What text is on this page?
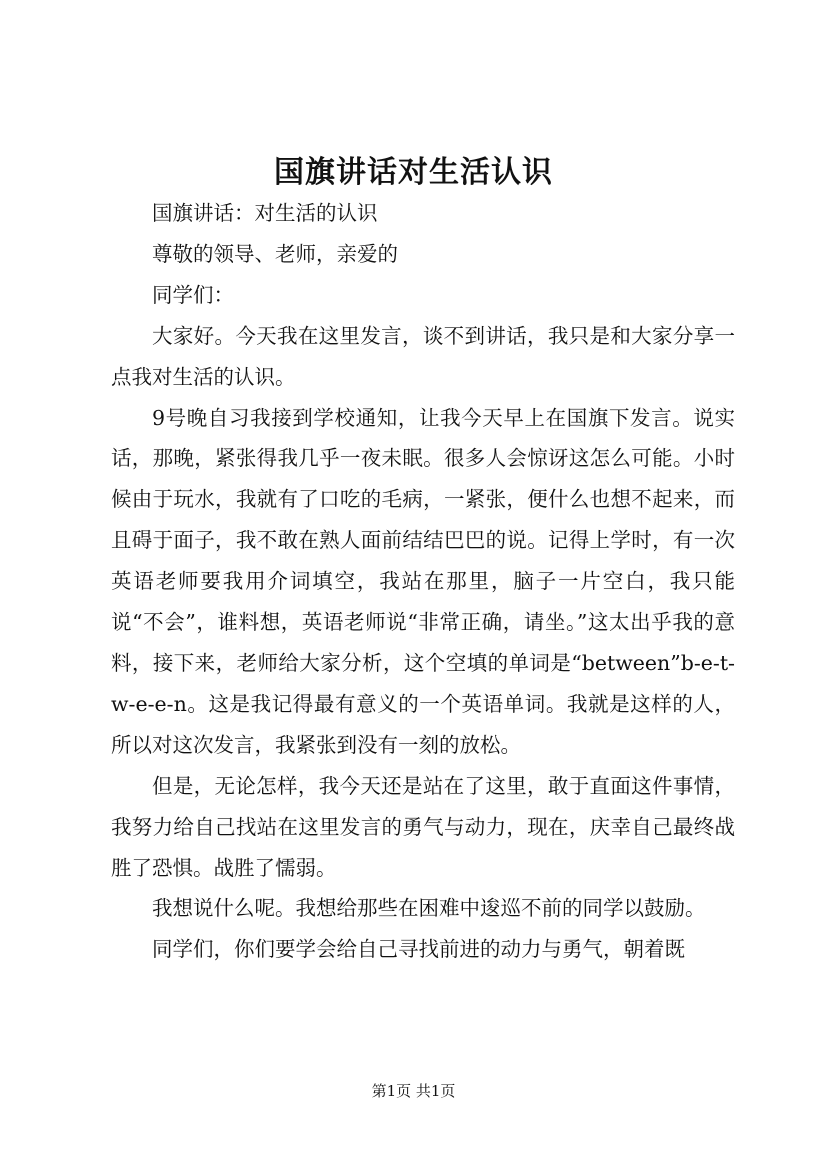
国旗讲话对生活认识

国旗讲话：对生活的认识

尊敬的领导、老师，亲爱的

同学们：

大家好。今天我在这里发言，谈不到讲话，我只是和大家分享一点我对生活的认识。

9号晚自习我接到学校通知，让我今天早上在国旗下发言。说实话，那晚，紧张得我几乎一夜未眠。很多人会惊讶这怎么可能。小时候由于玩水，我就有了口吃的毛病，一紧张，便什么也想不起来，而且碍于面子，我不敢在熟人面前结结巴巴的说。记得上学时，有一次英语老师要我用介词填空，我站在那里，脑子一片空白，我只能说“不会”，谁料想，英语老师说“非常正确，请坐。”这太出乎我的意料，接下来，老师给大家分析，这个空填的单词是“between”b-e-t-w-e-e-n。这是我记得最有意义的一个英语单词。我就是这样的人，所以对这次发言，我紧张到没有一刻的放松。

但是，无论怎样，我今天还是站在了这里，敢于直面这件事情，我努力给自己找站在这里发言的勇气与动力，现在，庆幸自己最终战胜了恐惧。战胜了懦弱。

我想说什么呢。我想给那些在困难中逡巡不前的同学以鼓励。

同学们，你们要学会给自己寻找前进的动力与勇气，朝着既

第1页 共1页
